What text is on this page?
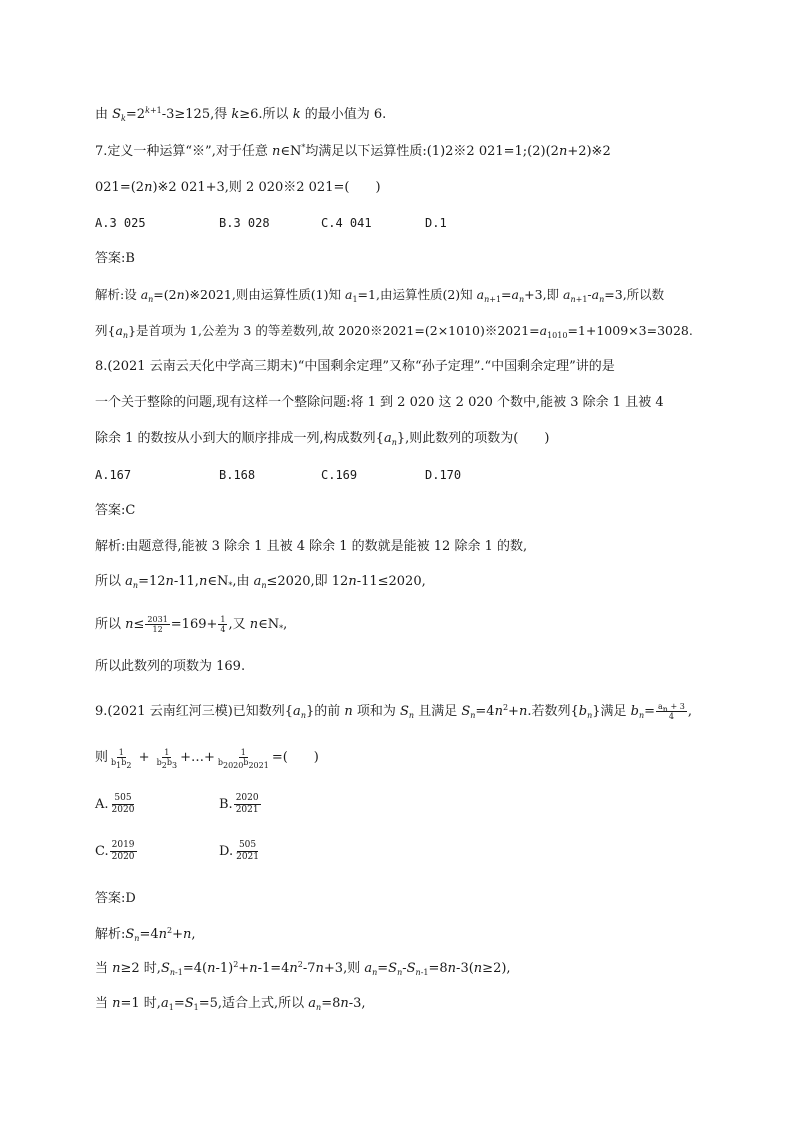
由 $S_k=2^{k+1}-3\ge 125$,得 k≥6.所以 k 的最小值为 6.
7.定义一种运算“※”,对于任意 n∈N*均满足以下运算性质:(1)2※2 021=1;(2)(2n+2)※2
021=(2n)※2 021+3,则 2 020※2 021=(　　)
A.3 025	B.3 028	C.4 041	D.1
答案:B
解析:设 $a_n=(2n)※2021$,则由运算性质(1)知 $a_1=1$,由运算性质(2)知 $a_{n+1}=a_n+3$,即 $a_{n+1}-a_n=3$,所以数
列$\{a_n\}$是首项为 1,公差为 3 的等差数列,故 $2020※2021=(2\times 1010)※2021=a_{1010}=1+1009\times 3=3028$.
8.(2021 云南云天化中学高三期末)“中国剩余定理”又称“孙子定理”.“中国剩余定理”讲的是
一个关于整除的问题,现有这样一个整除问题:将 1 到 2 020 这 2 020 个数中,能被 3 除余 1 且被 4
除余 1 的数按从小到大的顺序排成一列,构成数列$\{a_n\}$,则此数列的项数为(　　)
A.167	B.168	C.169	D.170
答案:C
解析:由题意得,能被 3 除余 1 且被 4 除余 1 的数就是能被 12 除余 1 的数,
所以 $a_n=12n-11,n\in N_*$,由 $a_n\le 2020$,即 12n-11≤2020,
所以 $n\le \frac{2031}{12} =169+ \frac{1}{4}$ ,又 $n\in N_*$,
所以此数列的项数为 169.
9.(2021 云南红河三模)已知数列$\{a_n\}$的前 n 项和为 $S_n$ 且满足 $S_n=4n^2+n$.若数列$\{b_n\}$满足 $b_n= \frac{a_n + 3}{4}$ ,
则 $\frac{1}{b_1b_2} + \frac{1}{b_2b_3}$ +…+ $\frac{1}{b_{2020}b_{2021}}$ =(　　)
A. $\frac{505}{2020}$	B. $\frac{2020}{2021}$
C. $\frac{2019}{2020}$	D. $\frac{505}{2021}$
答案:D
解析$:S_n=4n^2+n$,
当 n≥2 时$,S_{n-1}=4(n-1)^2+n-1=4n^2-7n+3$,则 $a_n=S_n-S_{n-1}=8n-3(n\ge 2)$,
当 n=1 时$,a_1=S_1=5$,适合上式,所以 $a_n=8n-3$,
